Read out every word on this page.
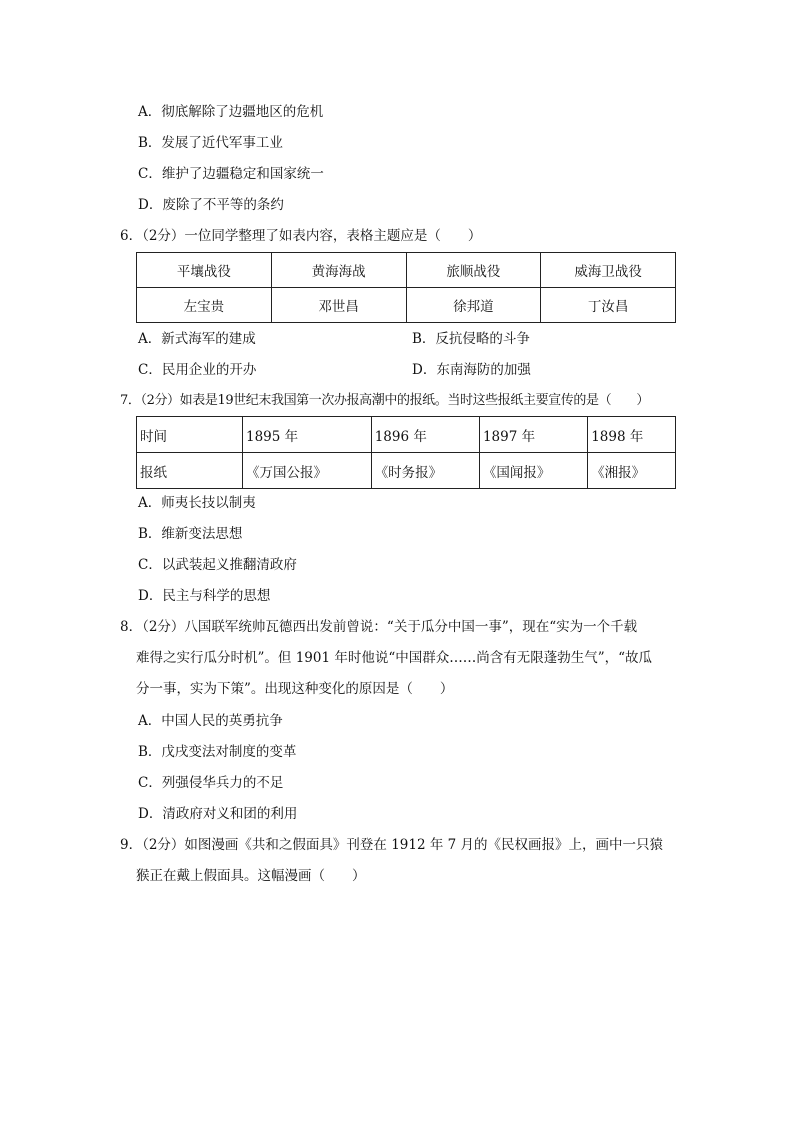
A．彻底解除了边疆地区的危机
B．发展了近代军事工业
C．维护了边疆稳定和国家统一
D．废除了不平等的条约
6．（2分）一位同学整理了如表内容，表格主题应是（　　）
平壤战役	黄海海战	旅顺战役	威海卫战役
左宝贵	邓世昌	徐邦道	丁汝昌
A．新式海军的建成	B．反抗侵略的斗争
C．民用企业的开办	D．东南海防的加强
7．（2分）如表是19世纪末我国第一次办报高潮中的报纸。当时这些报纸主要宣传的是（　　）
时间	1895 年	1896 年	1897 年	1898 年
报纸	《万国公报》	《时务报》	《国闻报》	《湘报》
A．师夷长技以制夷
B．维新变法思想
C．以武装起义推翻清政府
D．民主与科学的思想
8．（2分）八国联军统帅瓦德西出发前曾说：“关于瓜分中国一事”，现在“实为一个千载
难得之实行瓜分时机”。但 1901 年时他说“中国群众……尚含有无限蓬勃生气”，“故瓜
分一事，实为下策”。出现这种变化的原因是（　　）
A．中国人民的英勇抗争
B．戊戌变法对制度的变革
C．列强侵华兵力的不足
D．清政府对义和团的利用
9．（2分）如图漫画《共和之假面具》刊登在 1912 年 7 月的《民权画报》上，画中一只猿
猴正在戴上假面具。这幅漫画（　　）
